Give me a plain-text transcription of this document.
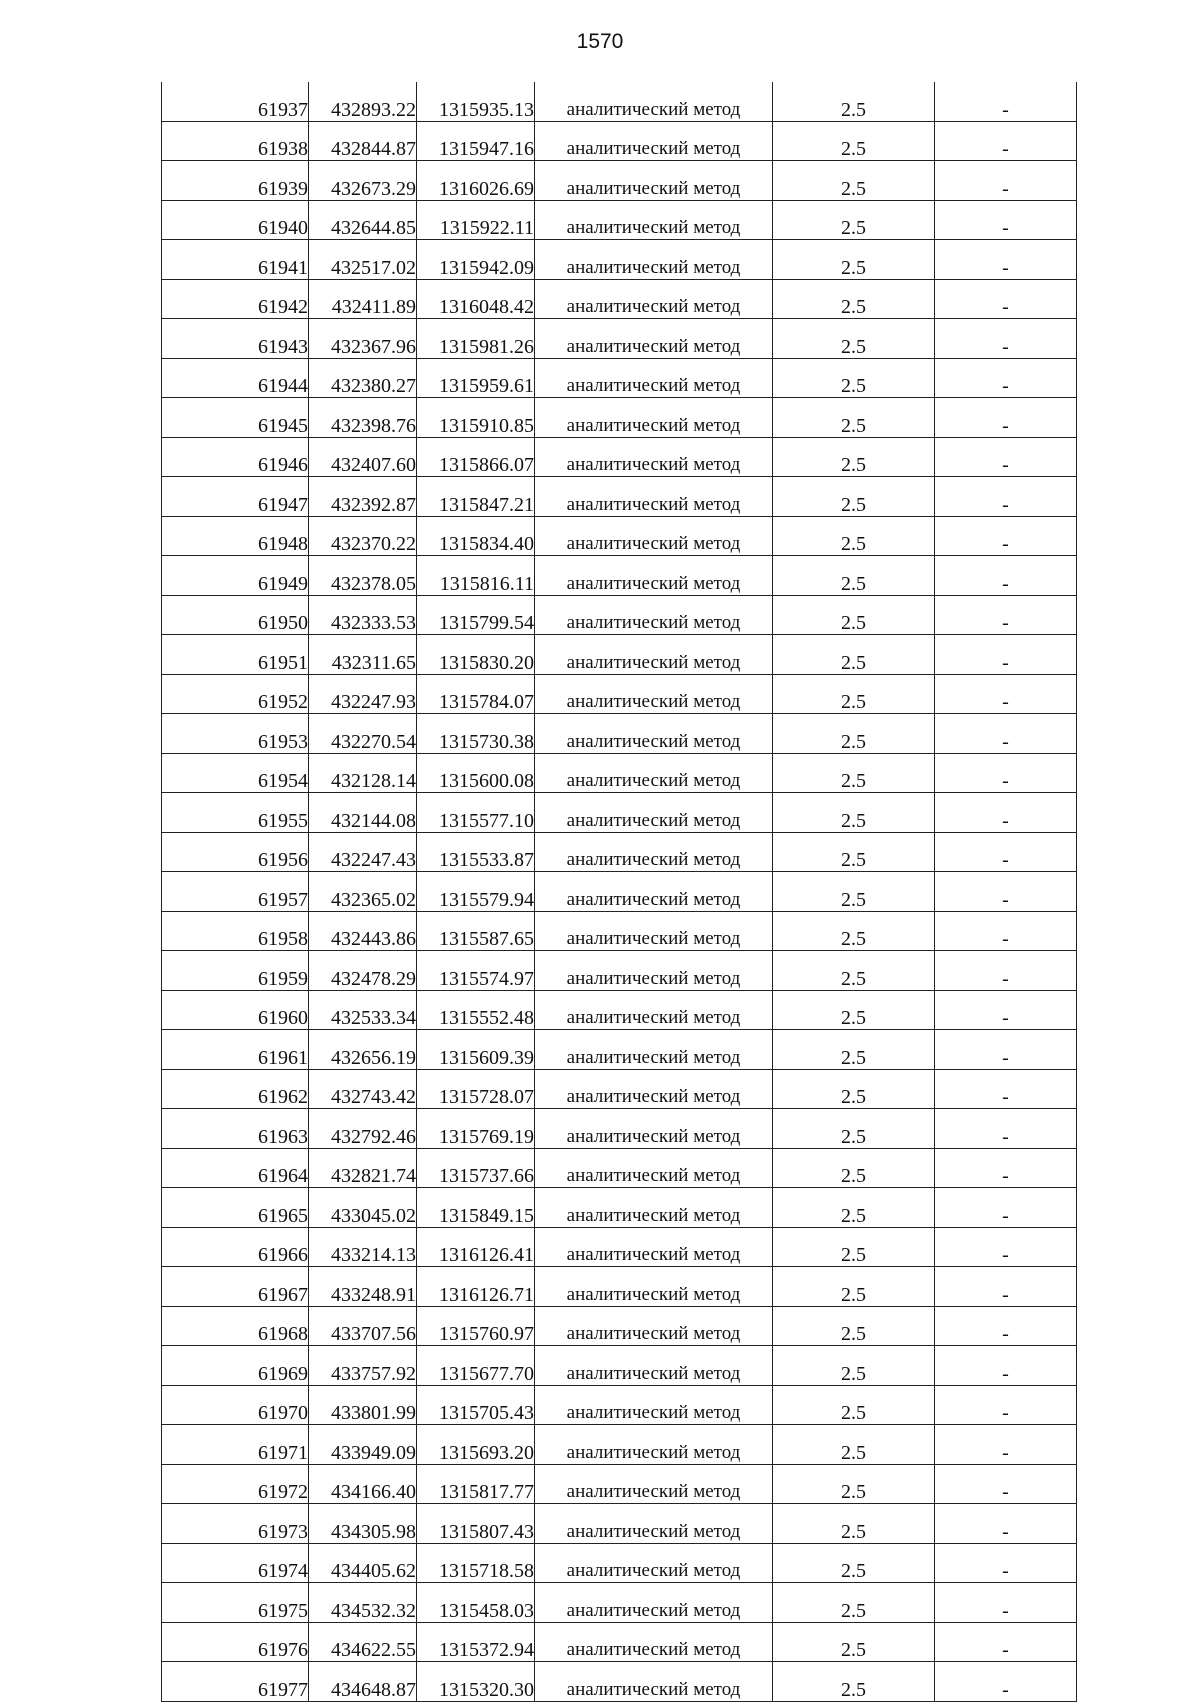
1570
61937	432893.22	1315935.13	аналитический метод	2.5	-
61938	432844.87	1315947.16	аналитический метод	2.5	-
61939	432673.29	1316026.69	аналитический метод	2.5	-
61940	432644.85	1315922.11	аналитический метод	2.5	-
61941	432517.02	1315942.09	аналитический метод	2.5	-
61942	432411.89	1316048.42	аналитический метод	2.5	-
61943	432367.96	1315981.26	аналитический метод	2.5	-
61944	432380.27	1315959.61	аналитический метод	2.5	-
61945	432398.76	1315910.85	аналитический метод	2.5	-
61946	432407.60	1315866.07	аналитический метод	2.5	-
61947	432392.87	1315847.21	аналитический метод	2.5	-
61948	432370.22	1315834.40	аналитический метод	2.5	-
61949	432378.05	1315816.11	аналитический метод	2.5	-
61950	432333.53	1315799.54	аналитический метод	2.5	-
61951	432311.65	1315830.20	аналитический метод	2.5	-
61952	432247.93	1315784.07	аналитический метод	2.5	-
61953	432270.54	1315730.38	аналитический метод	2.5	-
61954	432128.14	1315600.08	аналитический метод	2.5	-
61955	432144.08	1315577.10	аналитический метод	2.5	-
61956	432247.43	1315533.87	аналитический метод	2.5	-
61957	432365.02	1315579.94	аналитический метод	2.5	-
61958	432443.86	1315587.65	аналитический метод	2.5	-
61959	432478.29	1315574.97	аналитический метод	2.5	-
61960	432533.34	1315552.48	аналитический метод	2.5	-
61961	432656.19	1315609.39	аналитический метод	2.5	-
61962	432743.42	1315728.07	аналитический метод	2.5	-
61963	432792.46	1315769.19	аналитический метод	2.5	-
61964	432821.74	1315737.66	аналитический метод	2.5	-
61965	433045.02	1315849.15	аналитический метод	2.5	-
61966	433214.13	1316126.41	аналитический метод	2.5	-
61967	433248.91	1316126.71	аналитический метод	2.5	-
61968	433707.56	1315760.97	аналитический метод	2.5	-
61969	433757.92	1315677.70	аналитический метод	2.5	-
61970	433801.99	1315705.43	аналитический метод	2.5	-
61971	433949.09	1315693.20	аналитический метод	2.5	-
61972	434166.40	1315817.77	аналитический метод	2.5	-
61973	434305.98	1315807.43	аналитический метод	2.5	-
61974	434405.62	1315718.58	аналитический метод	2.5	-
61975	434532.32	1315458.03	аналитический метод	2.5	-
61976	434622.55	1315372.94	аналитический метод	2.5	-
61977	434648.87	1315320.30	аналитический метод	2.5	-
